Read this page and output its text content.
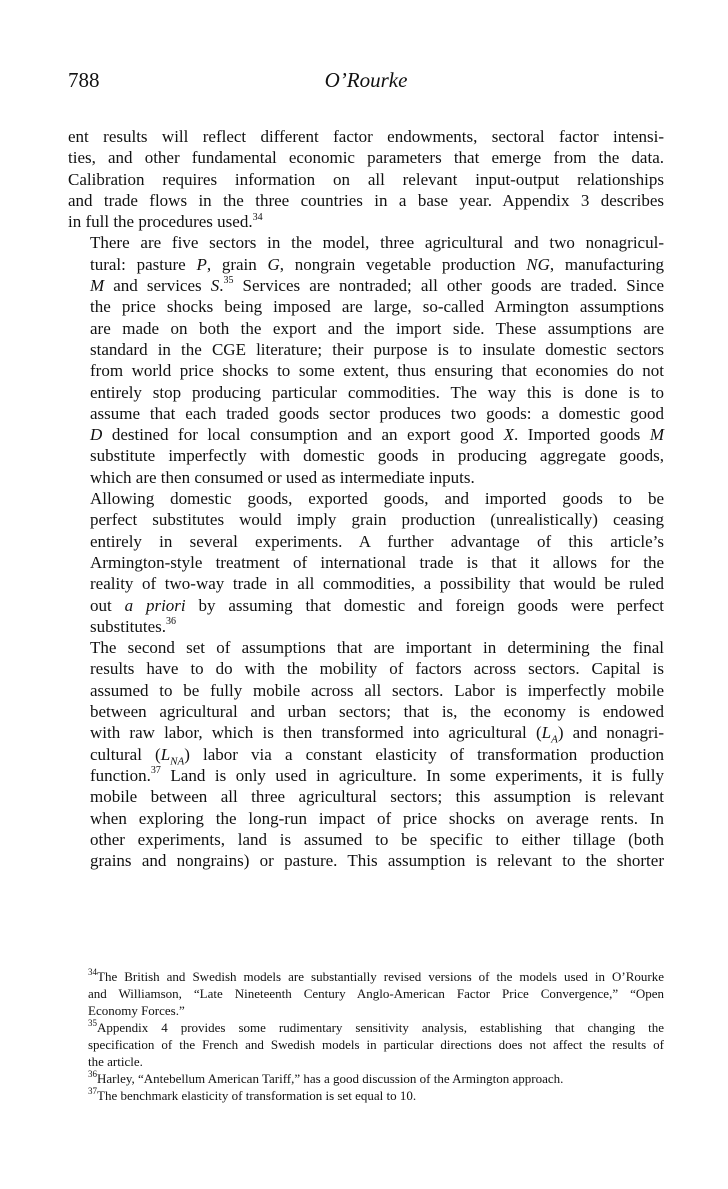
788	O’Rourke

ent results will reflect different factor endowments, sectoral factor intensi-
ties, and other fundamental economic parameters that emerge from the data.
Calibration requires information on all relevant input-output relationships
and trade flows in the three countries in a base year. Appendix 3 describes
in full the procedures used.$^{34}$

There are five sectors in the model, three agricultural and two nonagricul-
tural: pasture P, grain G, nongrain vegetable production NG, manufacturing
M and services S.$^{35}$ Services are nontraded; all other goods are traded. Since
the price shocks being imposed are large, so-called Armington assumptions
are made on both the export and the import side. These assumptions are
standard in the CGE literature; their purpose is to insulate domestic sectors
from world price shocks to some extent, thus ensuring that economies do not
entirely stop producing particular commodities. The way this is done is to
assume that each traded goods sector produces two goods: a domestic good
D destined for local consumption and an export good X. Imported goods M
substitute imperfectly with domestic goods in producing aggregate goods,
which are then consumed or used as intermediate inputs.

Allowing domestic goods, exported goods, and imported goods to be
perfect substitutes would imply grain production (unrealistically) ceasing
entirely in several experiments. A further advantage of this article’s
Armington-style treatment of international trade is that it allows for the
reality of two-way trade in all commodities, a possibility that would be ruled
out a priori by assuming that domestic and foreign goods were perfect
substitutes.$^{36}$

The second set of assumptions that are important in determining the final
results have to do with the mobility of factors across sectors. Capital is
assumed to be fully mobile across all sectors. Labor is imperfectly mobile
between agricultural and urban sectors; that is, the economy is endowed
with raw labor, which is then transformed into agricultural $(L_A)$ and nonagri-
cultural $(L_{NA})$ labor via a constant elasticity of transformation production
function.$^{37}$ Land is only used in agriculture. In some experiments, it is fully
mobile between all three agricultural sectors; this assumption is relevant
when exploring the long-run impact of price shocks on average rents. In
other experiments, land is assumed to be specific to either tillage (both
grains and nongrains) or pasture. This assumption is relevant to the shorter

$^{34}$The British and Swedish models are substantially revised versions of the models used in O’Rourke
and Williamson, “Late Nineteenth Century Anglo-American Factor Price Convergence,” “Open
Economy Forces.”

$^{35}$Appendix 4 provides some rudimentary sensitivity analysis, establishing that changing the
specification of the French and Swedish models in particular directions does not affect the results of
the article.

$^{36}$Harley, “Antebellum American Tariff,” has a good discussion of the Armington approach.

$^{37}$The benchmark elasticity of transformation is set equal to 10.
